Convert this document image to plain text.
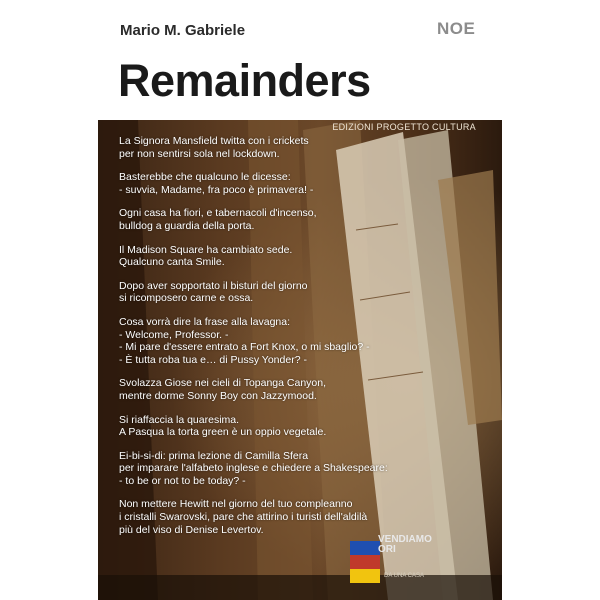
Mario M. Gabriele	NOE
Remainders
EDIZIONI PROGETTO CULTURA
La Signora Mansfield twitta con i crickets
per non sentirsi sola nel lockdown.
Basterebbe che qualcuno le dicesse:
- suvvia, Madame, fra poco è primavera! -
Ogni casa ha fiori, e tabernacoli d'incenso,
bulldog a guardia della porta.
Il Madison Square ha cambiato sede.
Qualcuno canta Smile.
Dopo aver sopportato il bisturi del giorno
si ricomposero carne e ossa.
Cosa vorrà dire la frase alla lavagna:
- Welcome, Professor. -
- Mi pare d'essere entrato a Fort Knox, o mi sbaglio? -
- È tutta roba tua e… di Pussy Yonder? -
Svolazza Giose nei cieli di Topanga Canyon,
mentre dorme Sonny Boy con Jazzymood.
Si riaffaccia la quaresima.
A Pasqua la torta green è un oppio vegetale.
Ei-bi-si-di: prima lezione di Camilla Sfera
per imparare l'alfabeto inglese e chiedere a Shakespeare:
- to be or not to be today? -
Non mettere Hewitt nel giorno del tuo compleanno
i cristalli Swarovski, pare che attirino i turisti dell'aldilà
più del viso di Denise Levertov.
VENDIAMO
ORI
DA UNA CASA
